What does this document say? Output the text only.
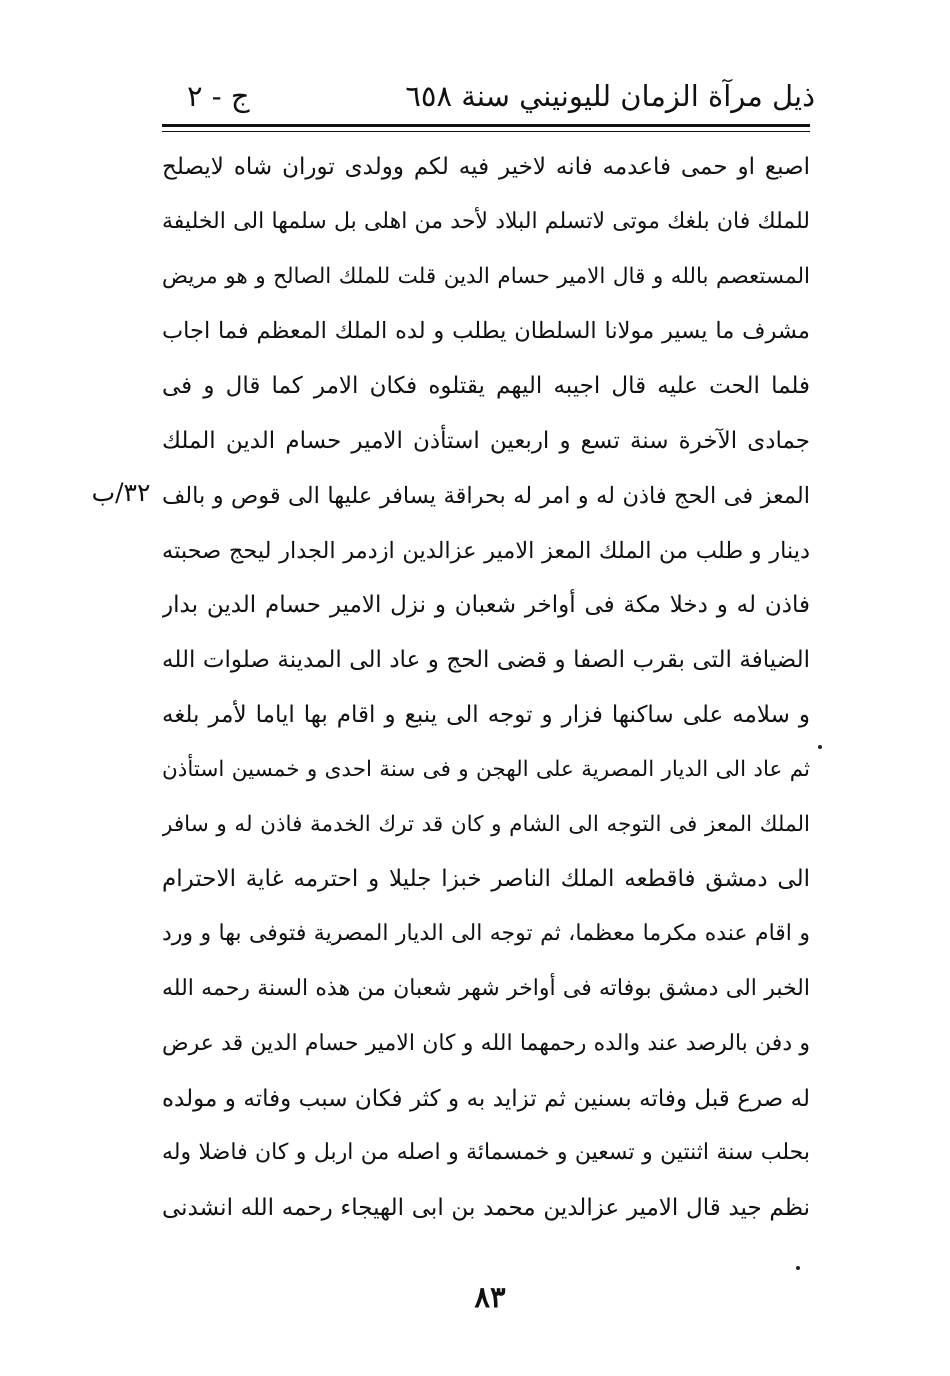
ذيل مرآة الزمان لليونيني سنة ٦٥٨
ج - ٢
٣٢/ب
اصبع او حمى فاعدمه فانه لاخير فيه لكم وولدى توران شاه لايصلح
للملك فان بلغك موتى لاتسلم البلاد لأحد من اهلى بل سلمها الى الخليفة
المستعصم بالله و قال الامير حسام الدين قلت للملك الصالح و هو مريض
مشرف ما يسير مولانا السلطان يطلب و لده الملك المعظم فما اجاب
فلما الحت عليه قال اجيبه اليهم يقتلوه فكان الامر كما قال و فى
جمادى الآخرة سنة تسع و اربعين استأذن الامير حسام الدين الملك
المعز فى الحج فاذن له و امر له بحراقة يسافر عليها الى قوص و بالف
دينار و طلب من الملك المعز الامير عزالدين ازدمر الجدار ليحج صحبته
فاذن له و دخلا مكة فى أواخر شعبان و نزل الامير حسام الدين بدار
الضيافة التى بقرب الصفا و قضى الحج و عاد الى المدينة صلوات الله
و سلامه على ساكنها فزار و توجه الى ينبع و اقام بها اياما لأمر بلغه
ثم عاد الى الديار المصرية على الهجن و فى سنة احدى و خمسين استأذن
الملك المعز فى التوجه الى الشام و كان قد ترك الخدمة فاذن له و سافر
الى دمشق فاقطعه الملك الناصر خبزا جليلا و احترمه غاية الاحترام
و اقام عنده مكرما معظما، ثم توجه الى الديار المصرية فتوفى بها و ورد
الخبر الى دمشق بوفاته فى أواخر شهر شعبان من هذه السنة رحمه الله
و دفن بالرصد عند والده رحمهما الله و كان الامير حسام الدين قد عرض
له صرع قبل وفاته بسنين ثم تزايد به و كثر فكان سبب وفاته و مولده
بحلب سنة اثنتين و تسعين و خمسمائة و اصله من اربل و كان فاضلا وله
نظم جيد قال الامير عزالدين محمد بن ابى الهيجاء رحمه الله انشدنى
٨٣
